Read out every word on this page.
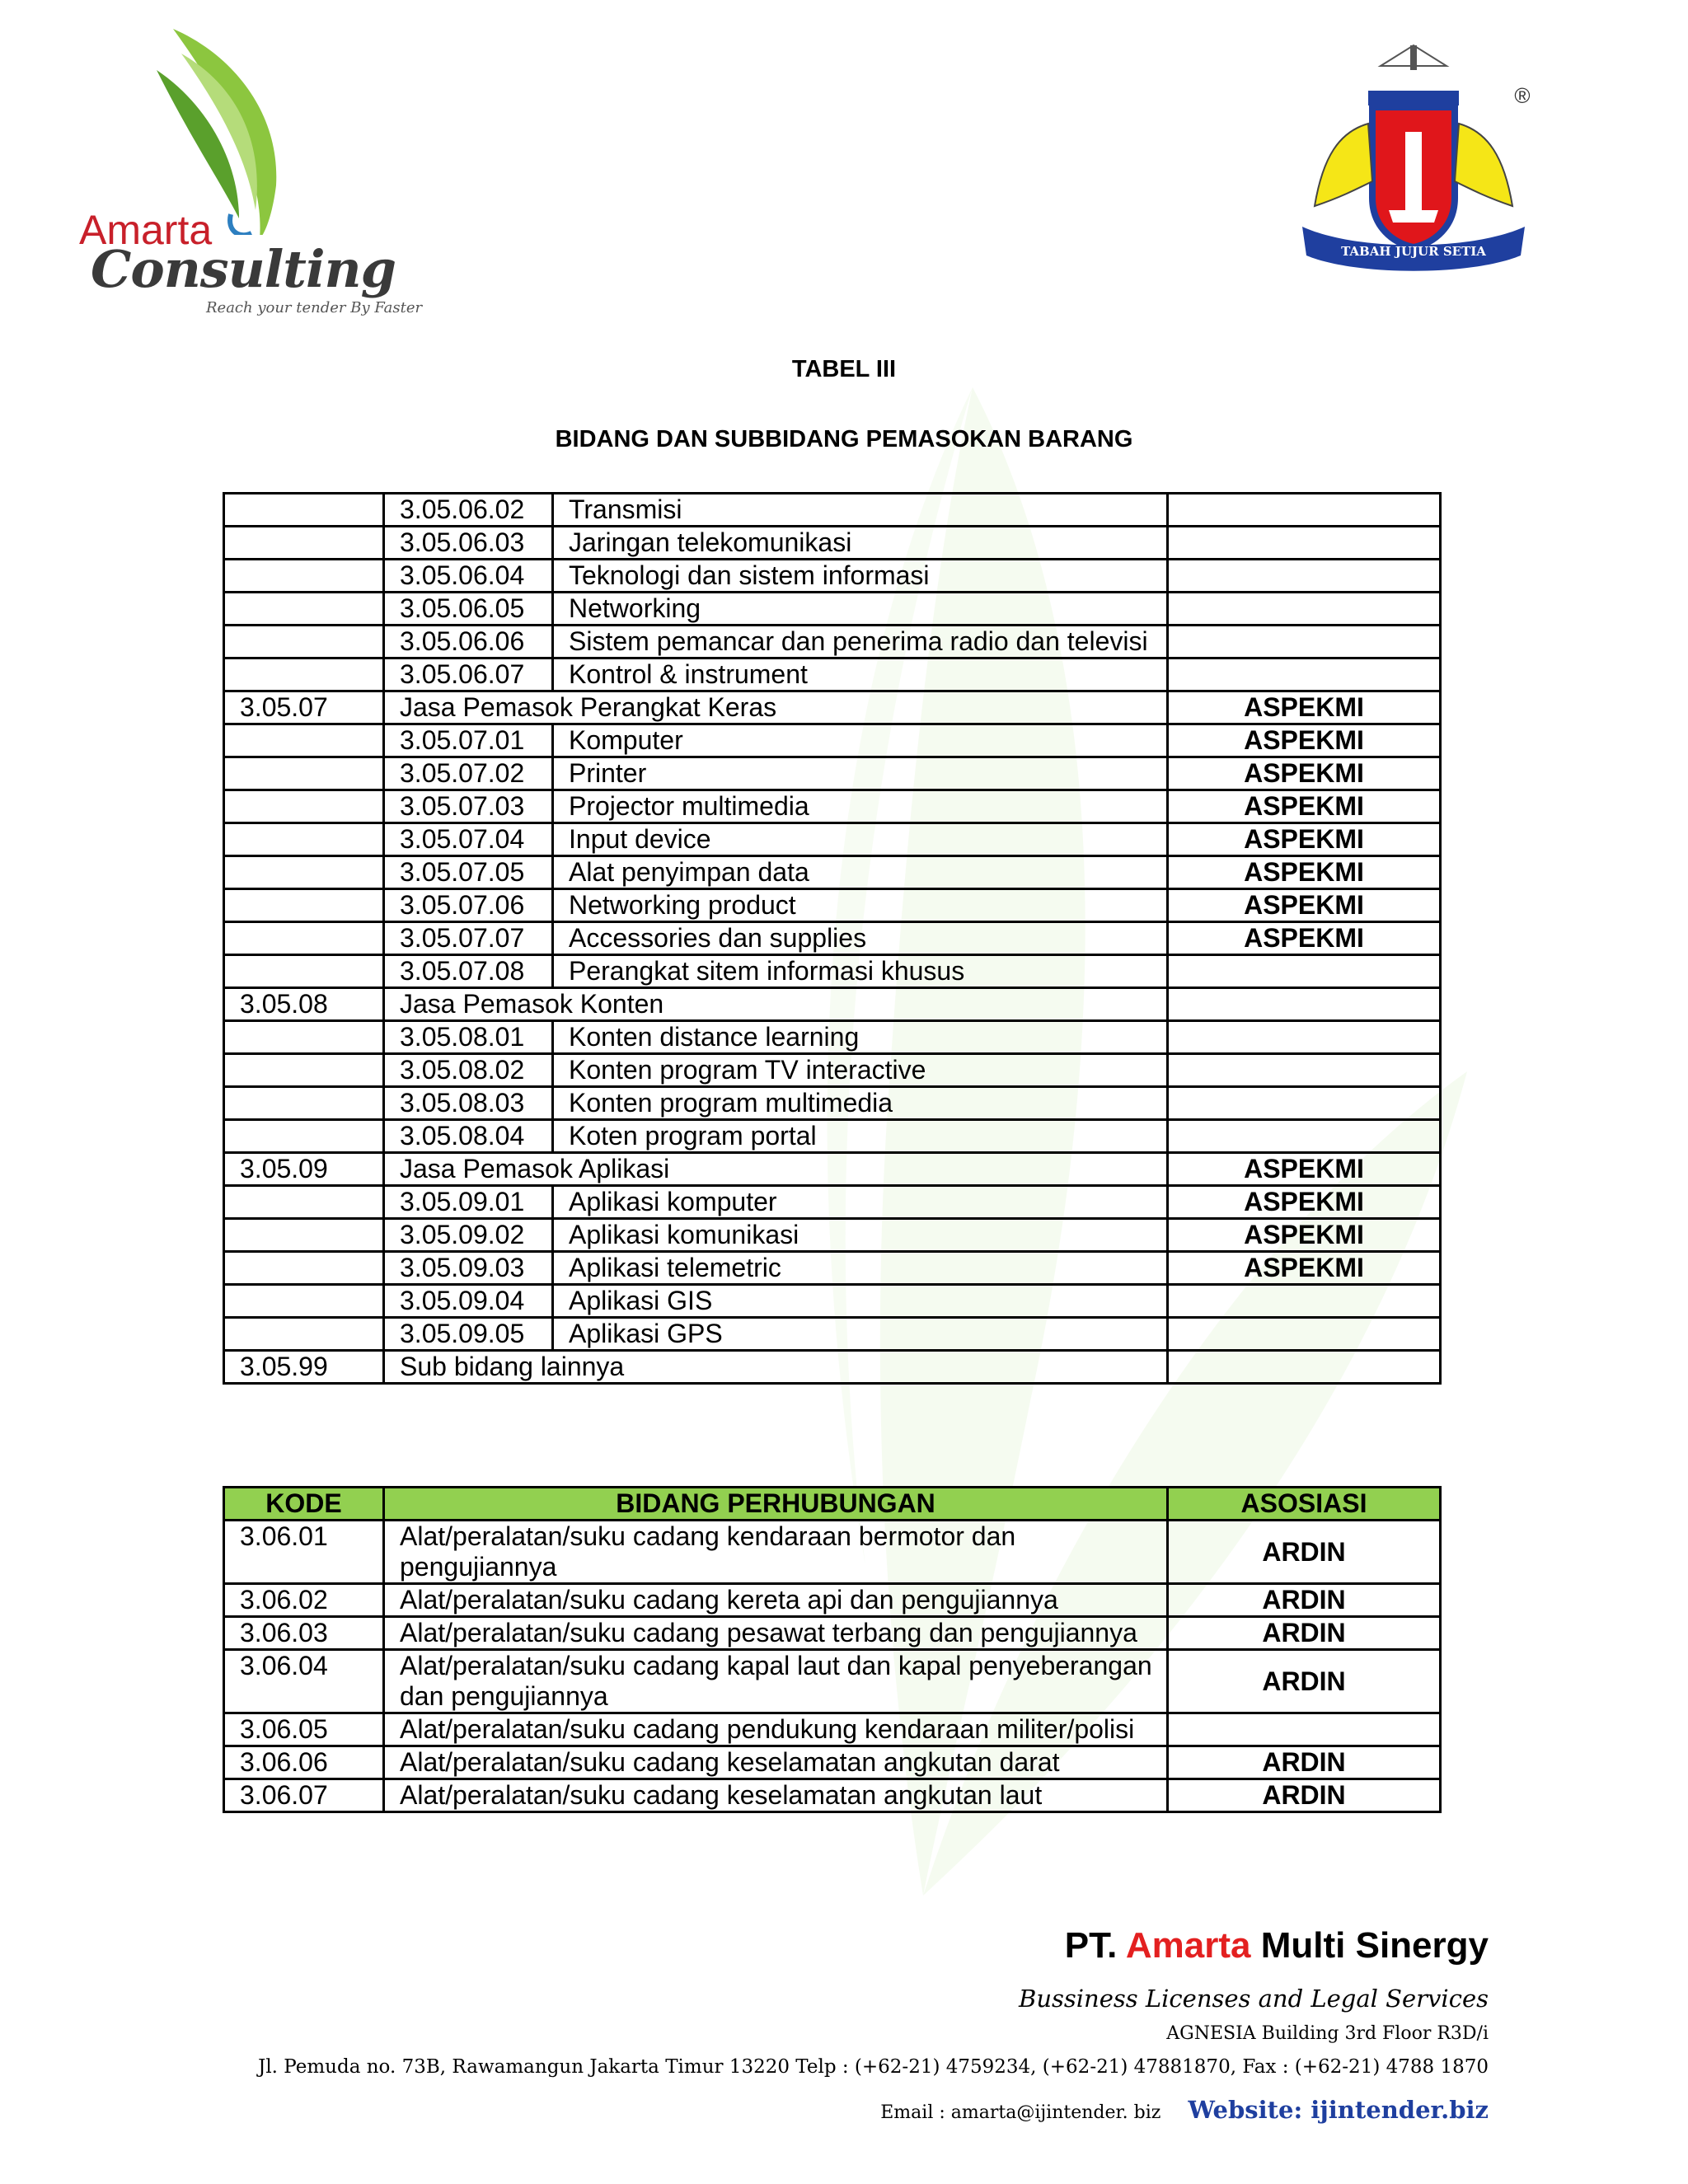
Amarta
Consulting
Reach your tender By Faster
TABAH JUJUR SETIA
®
TABEL III
BIDANG DAN SUBBIDANG PEMASOKAN BARANG
	3.05.06.02	Transmisi	
	3.05.06.03	Jaringan telekomunikasi	
	3.05.06.04	Teknologi dan sistem informasi	
	3.05.06.05	Networking	
	3.05.06.06	Sistem pemancar dan penerima radio dan televisi	
	3.05.06.07	Kontrol & instrument	
3.05.07	Jasa Pemasok Perangkat Keras		ASPEKMI
	3.05.07.01	Komputer	ASPEKMI
	3.05.07.02	Printer	ASPEKMI
	3.05.07.03	Projector multimedia	ASPEKMI
	3.05.07.04	Input device	ASPEKMI
	3.05.07.05	Alat penyimpan data	ASPEKMI
	3.05.07.06	Networking product	ASPEKMI
	3.05.07.07	Accessories dan supplies	ASPEKMI
	3.05.07.08	Perangkat sitem informasi khusus	
3.05.08	Jasa Pemasok Konten		
	3.05.08.01	Konten distance learning	
	3.05.08.02	Konten program TV interactive	
	3.05.08.03	Konten program multimedia	
	3.05.08.04	Koten program portal	
3.05.09	Jasa Pemasok Aplikasi		ASPEKMI
	3.05.09.01	Aplikasi komputer	ASPEKMI
	3.05.09.02	Aplikasi komunikasi	ASPEKMI
	3.05.09.03	Aplikasi telemetric	ASPEKMI
	3.05.09.04	Aplikasi GIS	
	3.05.09.05	Aplikasi GPS	
3.05.99	Sub bidang lainnya		
KODE	BIDANG PERHUBUNGAN	ASOSIASI
3.06.01	Alat/peralatan/suku cadang kendaraan bermotor dan pengujiannya	ARDIN
3.06.02	Alat/peralatan/suku cadang kereta api dan pengujiannya	ARDIN
3.06.03	Alat/peralatan/suku cadang pesawat terbang dan pengujiannya	ARDIN
3.06.04	Alat/peralatan/suku cadang kapal laut dan kapal penyeberangan dan pengujiannya	ARDIN
3.06.05	Alat/peralatan/suku cadang pendukung kendaraan militer/polisi	
3.06.06	Alat/peralatan/suku cadang keselamatan angkutan darat	ARDIN
3.06.07	Alat/peralatan/suku cadang keselamatan angkutan laut	ARDIN
PT. Amarta Multi Sinergy
Bussiness Licenses and Legal Services
AGNESIA Building 3rd Floor R3D/i
Jl. Pemuda no. 73B, Rawamangun Jakarta Timur 13220 Telp : (+62-21) 4759234, (+62-21) 47881870, Fax : (+62-21) 4788 1870
Email : amarta@ijintender. biz Website: ijintender.biz
